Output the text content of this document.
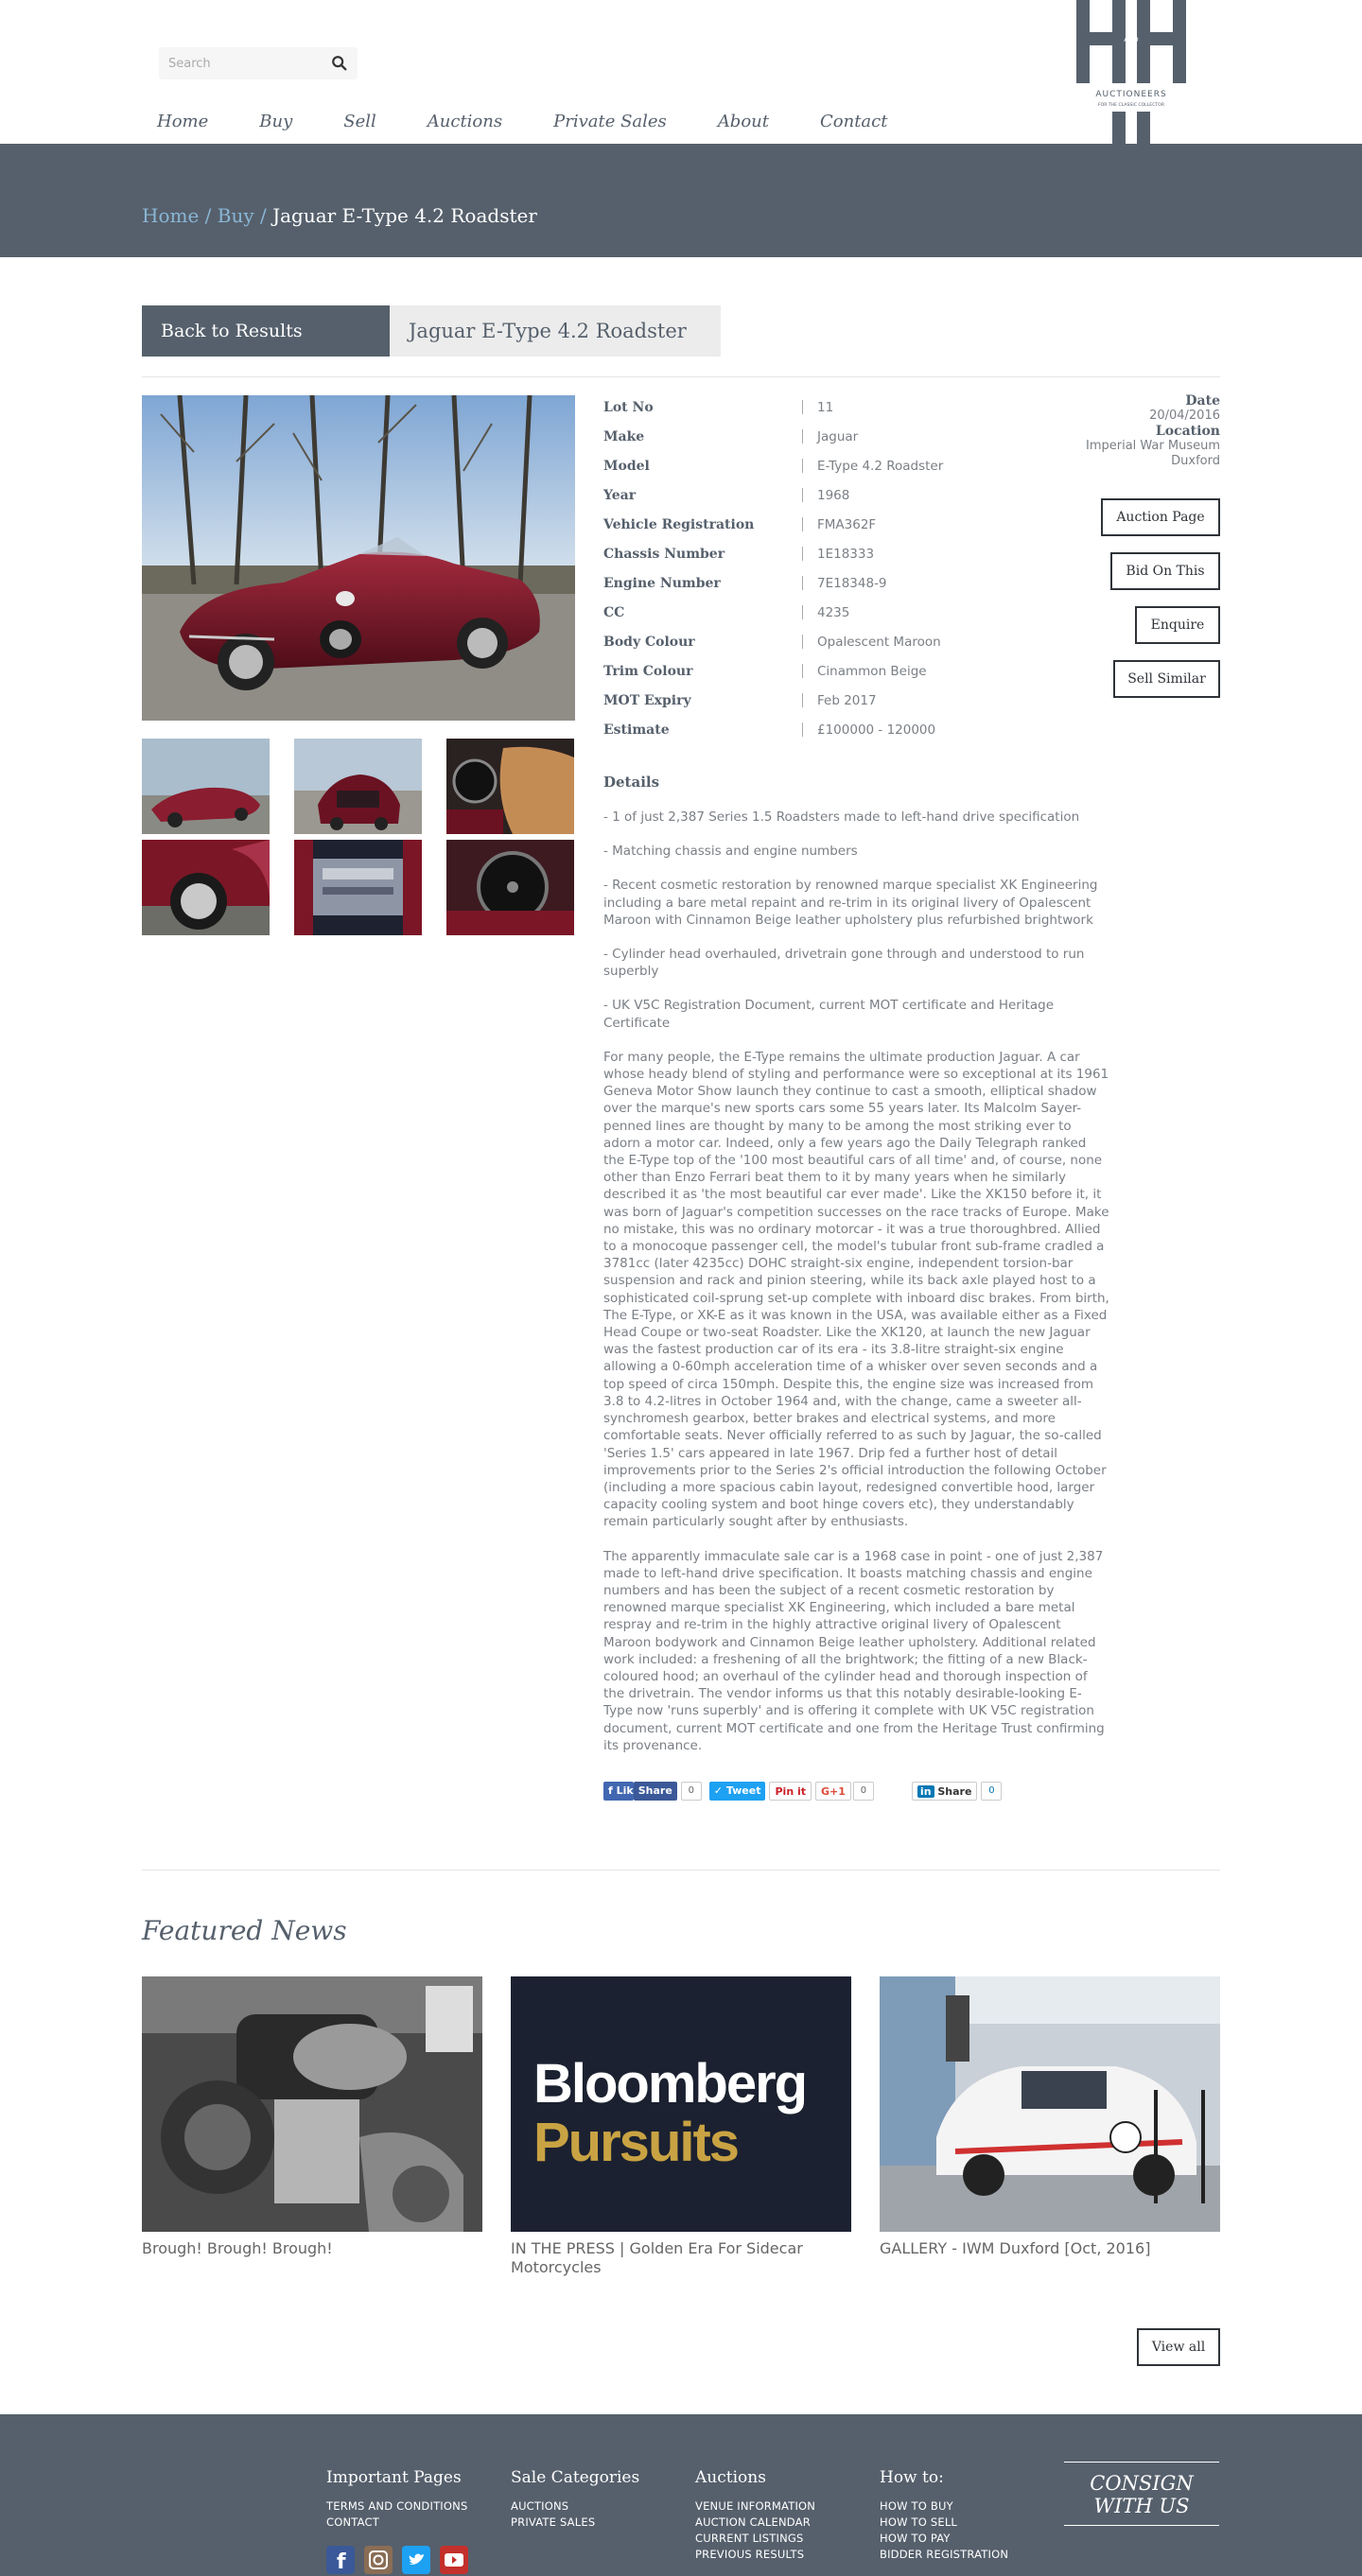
Search
Home	Buy	Sell	Auctions	Private Sales	About	Contact
AND
AUCTIONEERS
FOR THE CLASSIC COLLECTOR
Home / Buy / Jaguar E-Type 4.2 Roadster
Back to Results	Jaguar E-Type 4.2 Roadster
Lot No	11
Make	Jaguar
Model	E-Type 4.2 Roadster
Year	1968
Vehicle Registration	FMA362F
Chassis Number	1E18333
Engine Number	7E18348-9
CC	4235
Body Colour	Opalescent Maroon
Trim Colour	Cinammon Beige
MOT Expiry	Feb 2017
Estimate	£100000 - 120000
Date
20/04/2016
Location
Imperial War Museum
Duxford
Auction Page
Bid On This
Enquire
Sell Similar
Details

- 1 of just 2,387 Series 1.5 Roadsters made to left-hand drive specification

- Matching chassis and engine numbers

- Recent cosmetic restoration by renowned marque specialist XK Engineering including a bare metal repaint and re-trim in its original livery of Opalescent Maroon with Cinnamon Beige leather upholstery plus refurbished brightwork

- Cylinder head overhauled, drivetrain gone through and understood to run superbly

- UK V5C Registration Document, current MOT certificate and Heritage Certificate

For many people, the E-Type remains the ultimate production Jaguar. A car whose heady blend of styling and performance were so exceptional at its 1961 Geneva Motor Show launch they continue to cast a smooth, elliptical shadow over the marque's new sports cars some 55 years later. Its Malcolm Sayer-penned lines are thought by many to be among the most striking ever to adorn a motor car. Indeed, only a few years ago the Daily Telegraph ranked the E-Type top of the '100 most beautiful cars of all time' and, of course, none other than Enzo Ferrari beat them to it by many years when he similarly described it as 'the most beautiful car ever made'. Like the XK150 before it, it was born of Jaguar's competition successes on the race tracks of Europe. Make no mistake, this was no ordinary motorcar - it was a true thoroughbred. Allied to a monocoque passenger cell, the model's tubular front sub-frame cradled a 3781cc (later 4235cc) DOHC straight-six engine, independent torsion-bar suspension and rack and pinion steering, while its back axle played host to a sophisticated coil-sprung set-up complete with inboard disc brakes. From birth, The E-Type, or XK-E as it was known in the USA, was available either as a Fixed Head Coupe or two-seat Roadster. Like the XK120, at launch the new Jaguar was the fastest production car of its era - its 3.8-litre straight-six engine allowing a 0-60mph acceleration time of a whisker over seven seconds and a top speed of circa 150mph. Despite this, the engine size was increased from 3.8 to 4.2-litres in October 1964 and, with the change, came a sweeter all-synchromesh gearbox, better brakes and electrical systems, and more comfortable seats. Never officially referred to as such by Jaguar, the so-called 'Series 1.5' cars appeared in late 1967. Drip fed a further host of detail improvements prior to the Series 2's official introduction the following October (including a more spacious cabin layout, redesigned convertible hood, larger capacity cooling system and boot hinge covers etc), they understandably remain particularly sought after by enthusiasts.

The apparently immaculate sale car is a 1968 case in point - one of just 2,387 made to left-hand drive specification. It boasts matching chassis and engine numbers and has been the subject of a recent cosmetic restoration by renowned marque specialist XK Engineering, which included a bare metal respray and re-trim in the highly attractive original livery of Opalescent Maroon bodywork and Cinnamon Beige leather upholstery. Additional related work included: a freshening of all the brightwork; the fitting of a new Black-coloured hood; an overhaul of the cylinder head and thorough inspection of the drivetrain. The vendor informs us that this notably desirable-looking E-Type now 'runs superbly' and is offering it complete with UK V5C registration document, current MOT certificate and one from the Heritage Trust confirming its provenance.

f Lik Share	0	✓ Tweet	Pin it	G+1	0	in Share	0
Featured News
Brough! Brough! Brough!
Bloomberg
Pursuits
IN THE PRESS | Golden Era For Sidecar Motorcycles
GALLERY - IWM Duxford [Oct, 2016]
View all
Important Pages
TERMS AND CONDITIONS
CONTACT
Sale Categories
AUCTIONS
PRIVATE SALES
Auctions
VENUE INFORMATION
AUCTION CALENDAR
CURRENT LISTINGS
PREVIOUS RESULTS
How to:
HOW TO BUY
HOW TO SELL
HOW TO PAY
BIDDER REGISTRATION
CONSIGN
WITH US
f
